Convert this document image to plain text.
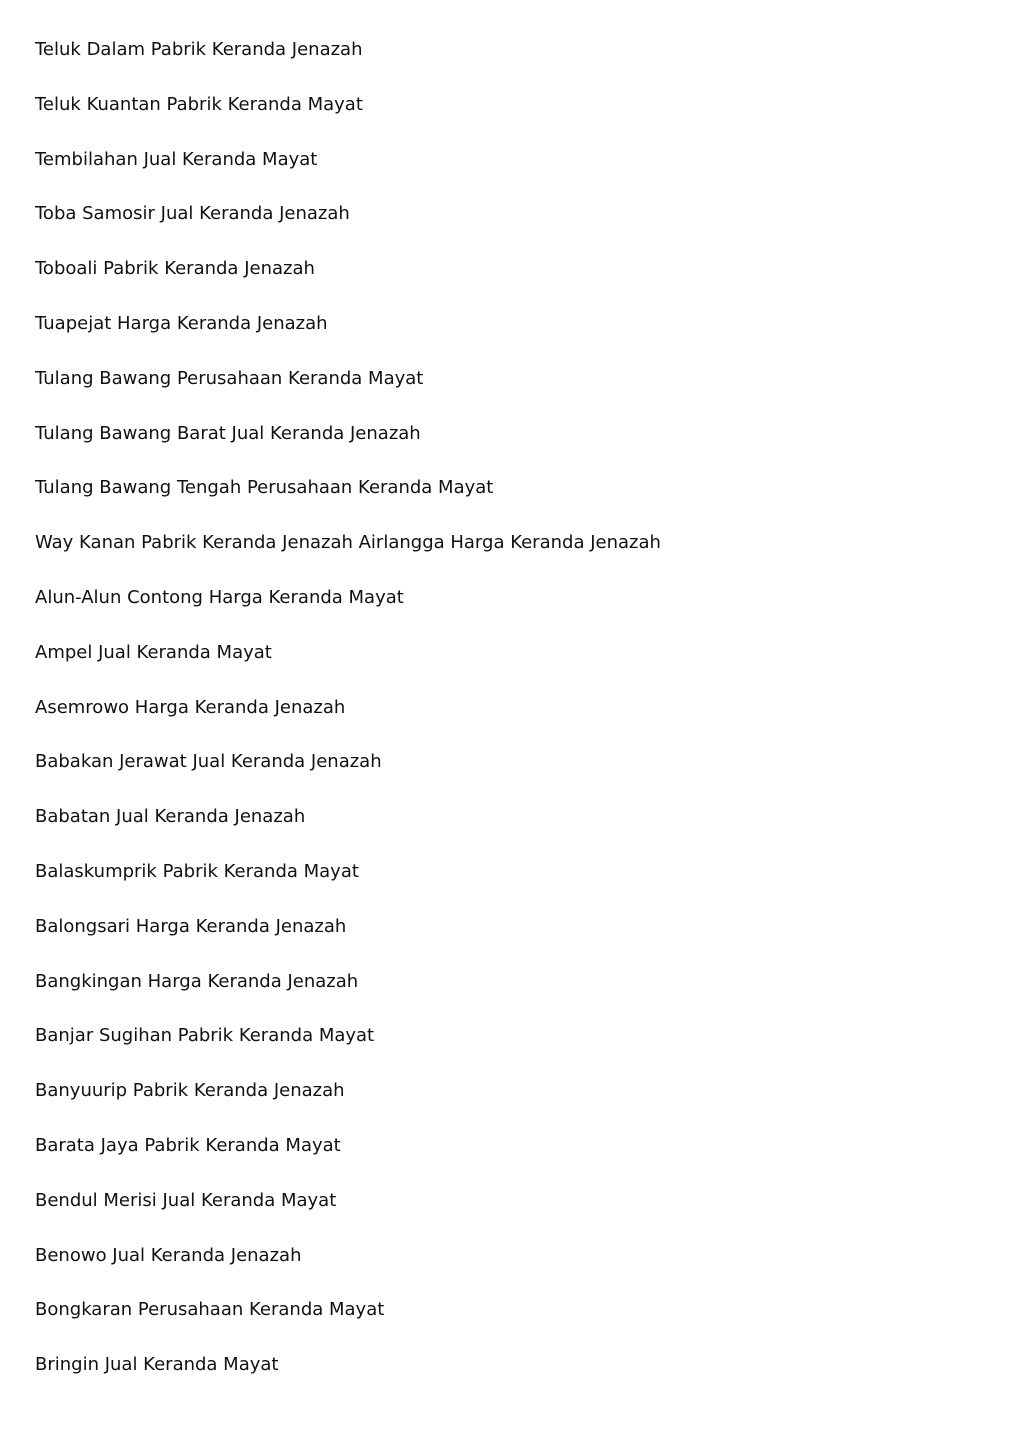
Teluk Dalam Pabrik Keranda Jenazah
Teluk Kuantan Pabrik Keranda Mayat
Tembilahan Jual Keranda Mayat
Toba Samosir Jual Keranda Jenazah
Toboali Pabrik Keranda Jenazah
Tuapejat Harga Keranda Jenazah
Tulang Bawang Perusahaan Keranda Mayat
Tulang Bawang Barat Jual Keranda Jenazah
Tulang Bawang Tengah Perusahaan Keranda Mayat
Way Kanan Pabrik Keranda Jenazah Airlangga Harga Keranda Jenazah
Alun-Alun Contong Harga Keranda Mayat
Ampel Jual Keranda Mayat
Asemrowo Harga Keranda Jenazah
Babakan Jerawat Jual Keranda Jenazah
Babatan Jual Keranda Jenazah
Balaskumprik Pabrik Keranda Mayat
Balongsari Harga Keranda Jenazah
Bangkingan Harga Keranda Jenazah
Banjar Sugihan Pabrik Keranda Mayat
Banyuurip Pabrik Keranda Jenazah
Barata Jaya Pabrik Keranda Mayat
Bendul Merisi Jual Keranda Mayat
Benowo Jual Keranda Jenazah
Bongkaran Perusahaan Keranda Mayat
Bringin Jual Keranda Mayat
